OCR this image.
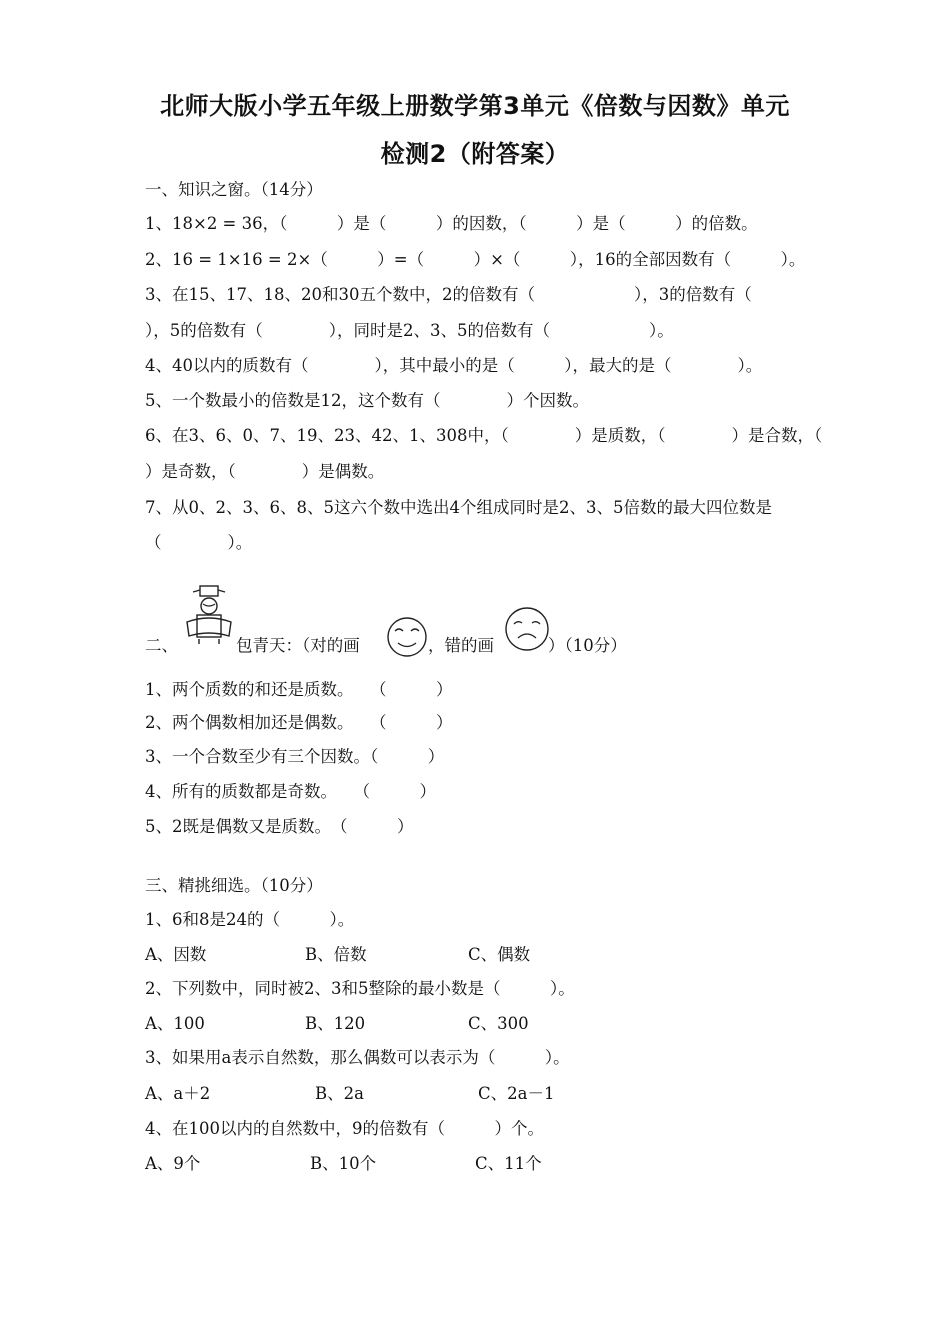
北师大版小学五年级上册数学第3单元《倍数与因数》单元
检测2（附答案）
一、知识之窗。（14分）
1、18×2 = 36，（　　　）是（　　　）的因数，（　　　）是（　　　）的倍数。
2、16 = 1×16 = 2×（　　　）=（　　　）×（　　　），16的全部因数有（　　　）。
3、在15、17、18、20和30五个数中，2的倍数有（　　　　　　），3的倍数有（
），5的倍数有（　　　　），同时是2、3、5的倍数有（　　　　　　）。
4、40以内的质数有（　　　　），其中最小的是（　　　），最大的是（　　　　）。
5、一个数最小的倍数是12，这个数有（　　　　）个因数。
6、在3、6、0、7、19、23、42、1、308中，（　　　　）是质数，（　　　　）是合数，（
）是奇数，（　　　　）是偶数。
7、从0、2、3、6、8、5这六个数中选出4个组成同时是2、3、5倍数的最大四位数是
（　　　　）。
二、	包青天：（对的画	，错的画	）（10分）
1、两个质数的和还是质数。　　（　　　）
2、两个偶数相加还是偶数。　　（　　　）
3、一个合数至少有三个因数。（　　　）
4、所有的质数都是奇数。　　（　　　）
5、2既是偶数又是质数。　（　　　）
三、精挑细选。（10分）
1、6和8是24的（　　　）。
A、因数	B、倍数	C、偶数
2、下列数中，同时被2、3和5整除的最小数是（　　　）。
A、100	B、120	C、300
3、如果用a表示自然数，那么偶数可以表示为（　　　）。
A、a＋2	B、2a	C、2a－1
4、在100以内的自然数中，9的倍数有（　　　）个。
A、9个	B、10个	C、11个
